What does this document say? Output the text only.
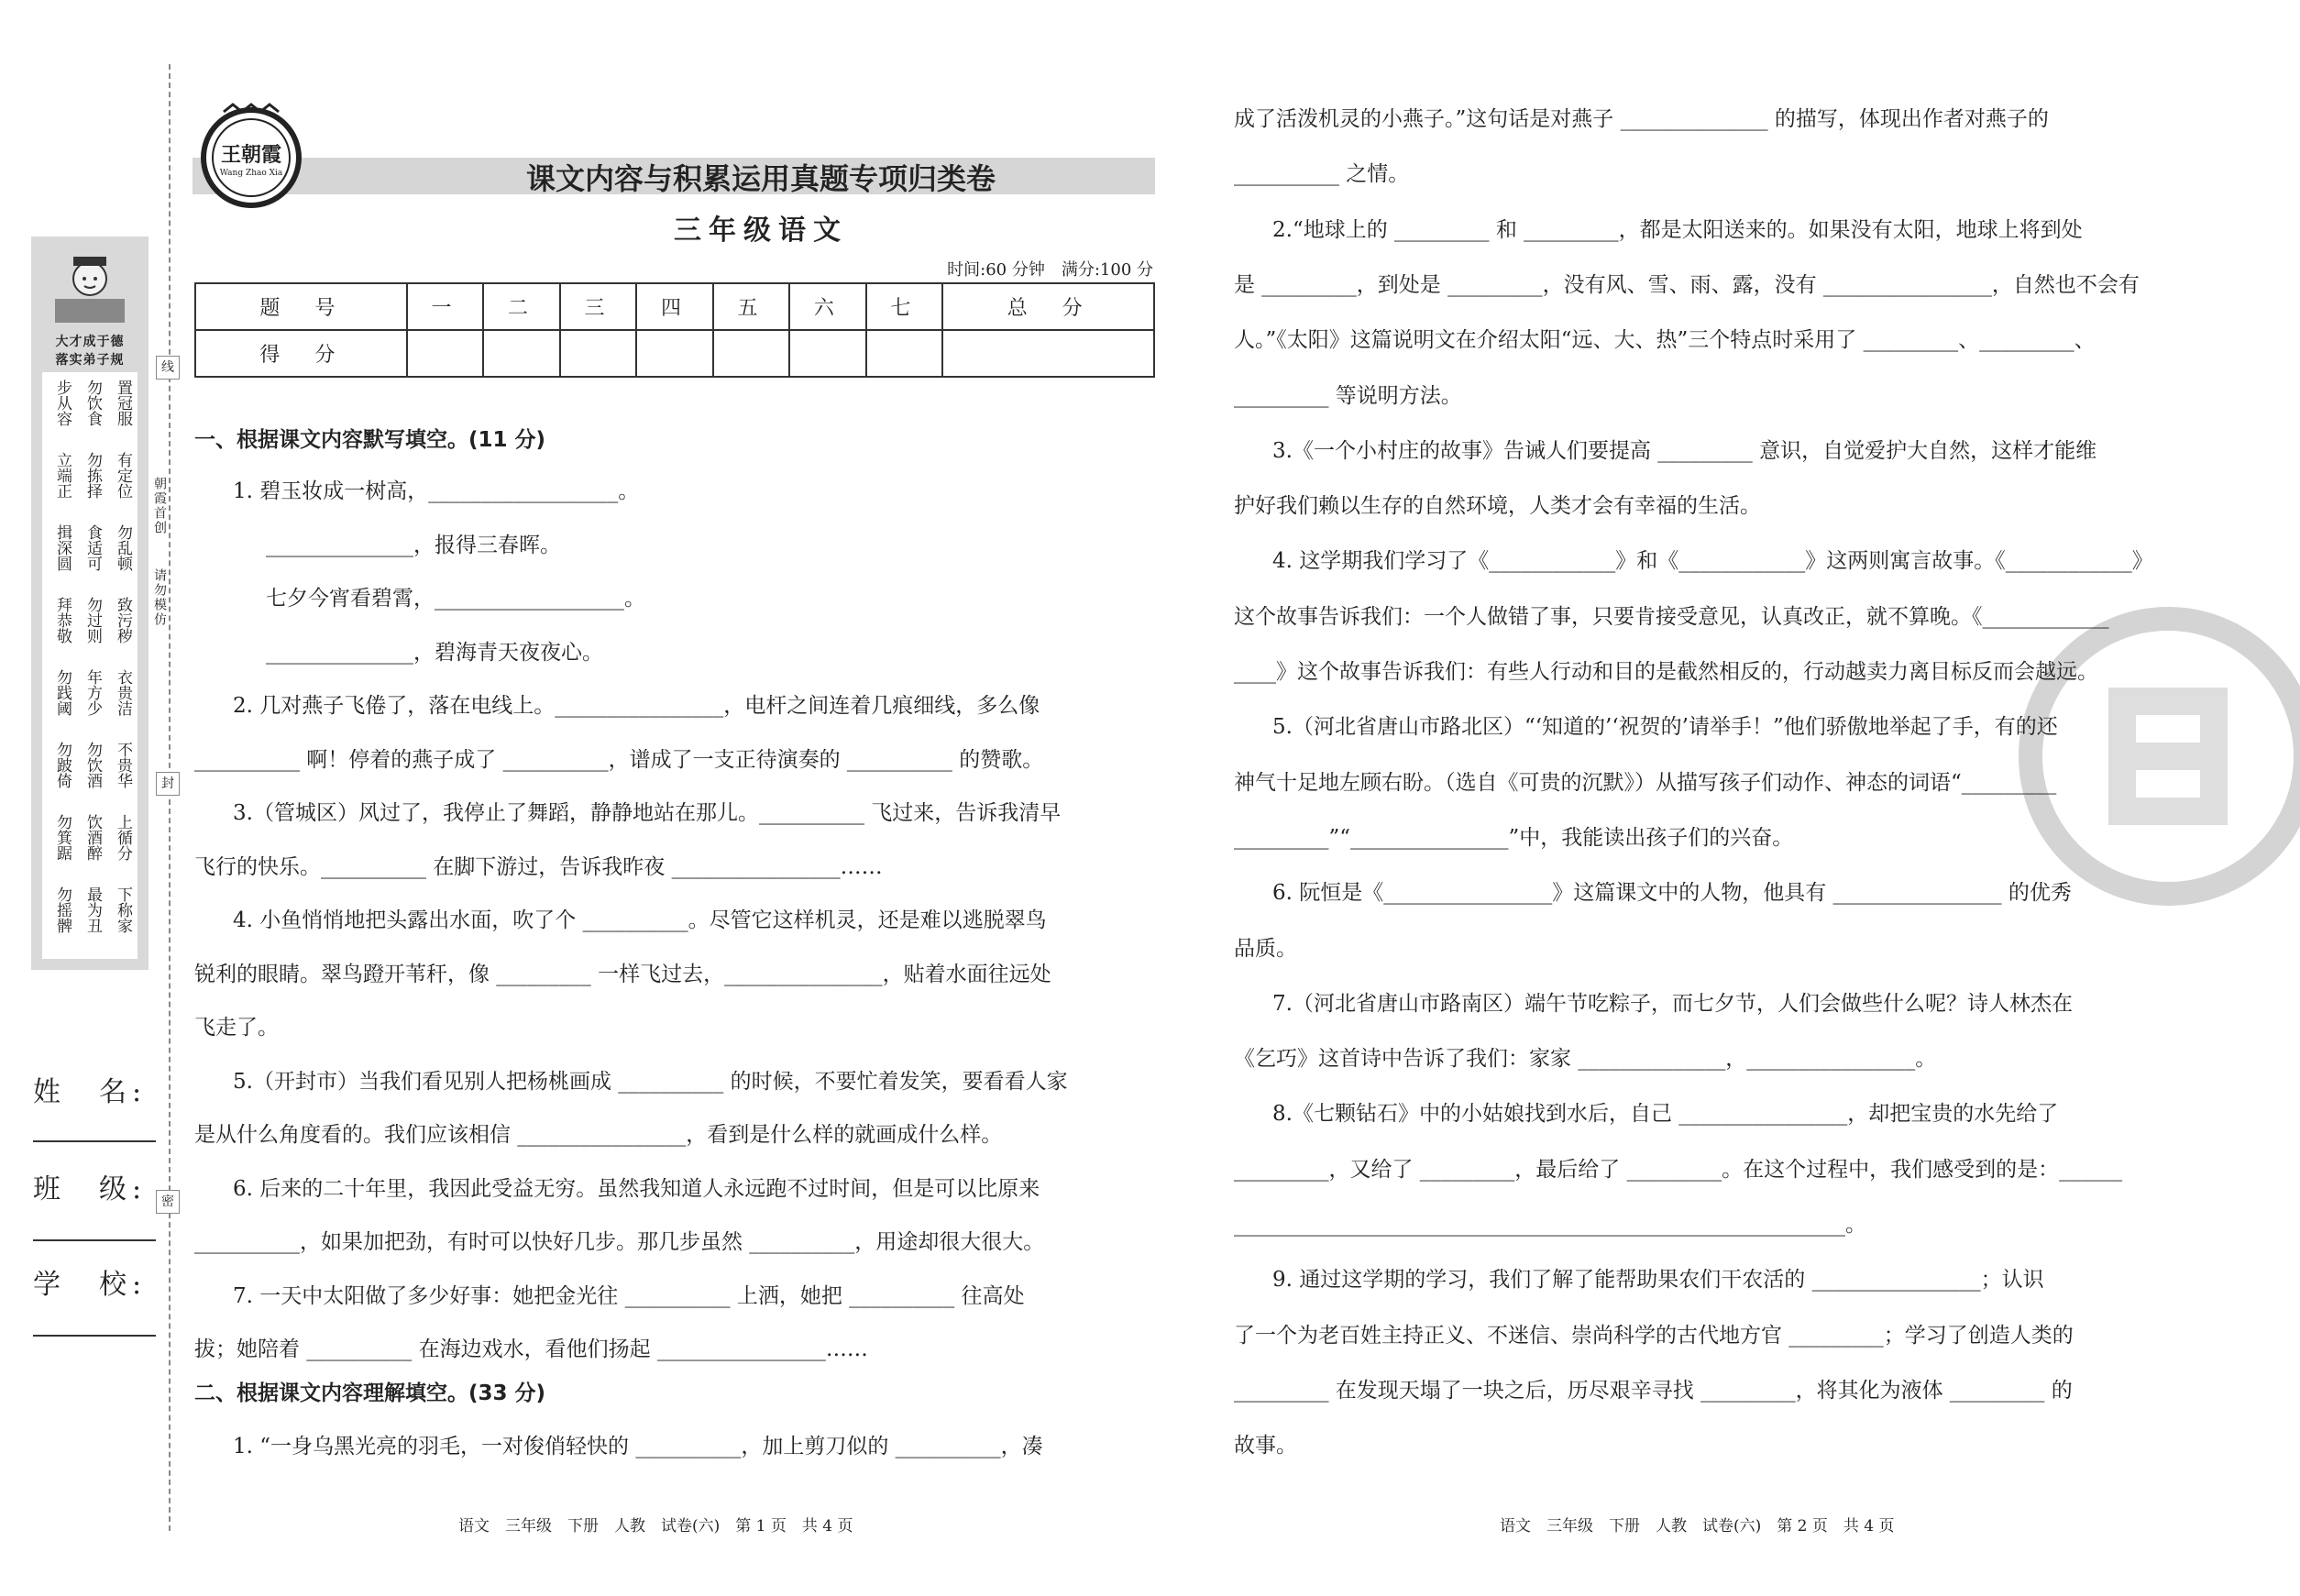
大才成于德
落实弟子规
步从容 勿饮食 置冠服
立端正 勿拣择 有定位
揖深圆 食适可 勿乱顿
拜恭敬 勿过则 致污秽
勿践阈 年方少 衣贵洁
勿跛倚 勿饮酒 不贵华
勿箕踞 饮酒醉 上循分
勿摇髀 最为丑 下称家
姓　名:
班　级:
学　校:
线
朝霞首创
请勿模仿
封
密
王朝霞
Wang Zhao Xia	课文内容与积累运用真题专项归类卷
三年级语文
时间:60 分钟　满分:100 分
题　号	一	二	三	四	五	六	七	总　分
得　分								
一、根据课文内容默写填空。(11 分)
1. 碧玉妆成一树高，__________________。
______________，报得三春晖。
七夕今宵看碧霄，__________________。
______________，碧海青天夜夜心。
2. 几对燕子飞倦了，落在电线上。________________，电杆之间连着几痕细线，多么像
__________ 啊！停着的燕子成了 __________，谱成了一支正待演奏的 __________ 的赞歌。
3.（管城区）风过了，我停止了舞蹈，静静地站在那儿。__________ 飞过来，告诉我清早
飞行的快乐。__________ 在脚下游过，告诉我昨夜 ________________……
4. 小鱼悄悄地把头露出水面，吹了个 __________。尽管它这样机灵，还是难以逃脱翠鸟
锐利的眼睛。翠鸟蹬开苇秆，像 _________ 一样飞过去，_______________，贴着水面往远处
飞走了。
5.（开封市）当我们看见别人把杨桃画成 __________ 的时候，不要忙着发笑，要看看人家
是从什么角度看的。我们应该相信 ________________，看到是什么样的就画成什么样。
6. 后来的二十年里，我因此受益无穷。虽然我知道人永远跑不过时间，但是可以比原来
__________，如果加把劲，有时可以快好几步。那几步虽然 __________，用途却很大很大。
7. 一天中太阳做了多少好事：她把金光往 __________ 上洒，她把 __________ 往高处
拔；她陪着 __________ 在海边戏水，看他们扬起 ________________……
二、根据课文内容理解填空。(33 分)
1. “一身乌黑光亮的羽毛，一对俊俏轻快的 __________，加上剪刀似的 __________，凑
语文　三年级　下册　人教　试卷(六)　第 1 页　共 4 页
成了活泼机灵的小燕子。”这句话是对燕子 ______________ 的描写，体现出作者对燕子的
__________ 之情。
2.“地球上的 _________ 和 _________，都是太阳送来的。如果没有太阳，地球上将到处
是 _________，到处是 _________，没有风、雪、雨、露，没有 ________________，自然也不会有
人。”《太阳》这篇说明文在介绍太阳“远、大、热”三个特点时采用了 _________、_________、
_________ 等说明方法。
3.《一个小村庄的故事》告诫人们要提高 _________ 意识，自觉爱护大自然，这样才能维
护好我们赖以生存的自然环境，人类才会有幸福的生活。
4. 这学期我们学习了《____________》和《____________》这两则寓言故事。《____________》
这个故事告诉我们：一个人做错了事，只要肯接受意见，认真改正，就不算晚。《____________
____》这个故事告诉我们：有些人行动和目的是截然相反的，行动越卖力离目标反而会越远。
5.（河北省唐山市路北区）“‘知道的’‘祝贺的’请举手！”他们骄傲地举起了手，有的还
神气十足地左顾右盼。（选自《可贵的沉默》）从描写孩子们动作、神态的词语“_________
_________”“_______________”中，我能读出孩子们的兴奋。
6. 阮恒是《________________》这篇课文中的人物，他具有 ________________ 的优秀
品质。
7.（河北省唐山市路南区）端午节吃粽子，而七夕节，人们会做些什么呢？诗人林杰在
《乞巧》这首诗中告诉了我们：家家 ______________，________________。
8.《七颗钻石》中的小姑娘找到水后，自己 ________________，却把宝贵的水先给了
_________，又给了 _________，最后给了 _________。在这个过程中，我们感受到的是：______
__________________________________________________________。
9. 通过这学期的学习，我们了解了能帮助果农们干农活的 ________________；认识
了一个为老百姓主持正义、不迷信、崇尚科学的古代地方官 _________；学习了创造人类的
_________ 在发现天塌了一块之后，历尽艰辛寻找 _________，将其化为液体 _________ 的
故事。
语文　三年级　下册　人教　试卷(六)　第 2 页　共 4 页
